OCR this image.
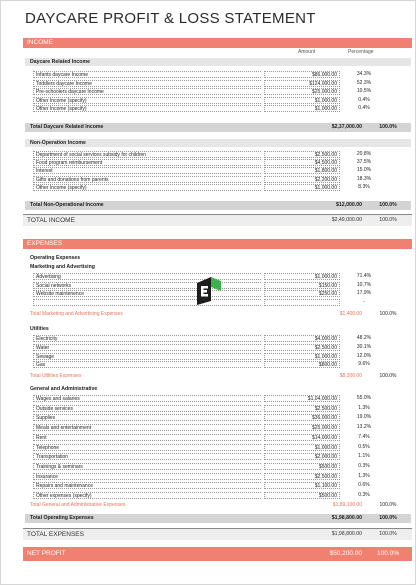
DAYCARE PROFIT & LOSS STATEMENT
INCOME
Amount	Percentage
Daycare Related Income
Infants daycare Income	$86,000.00	34.3%
Toddlers daycare Income	$124,000.00	52.3%
Pre-schoolers daycare Income	$25,000.00	10.5%
Other Income (specify)	$1,000.00	0.4%
Other Income (specify)	$1,000.00	0.4%
Total Daycare Related Income	$2,37,000.00	100.0%
Non-Operation Income
Department of social services subsidy for children	$2,500.00	20.8%
Food program reimbursement	$4,500.00	37.5%
Interest	$1,800.00	15.0%
Gifts and donations from parents	$2,200.00	18.3%
Other Income (specify)	$1,000.00	8.3%
Total Non-Operational Income	$12,000.00	100.0%
TOTAL INCOME	$2,49,000.00	100.0%
EXPENSES
Operating Expenses
Marketing and Advertising
Advertising	$1,000.00	71.4%
Social networks	$150.00	10.7%
Website maintenence	$250.00	17.9%
-
Total Marketing and Advertising Expenses	$1,400.00	100.0%
Utilities
Electricity	$4,000.00	48.2%
Water	$2,500.00	30.1%
Sewage	$1,000.00	12.0%
Gas	$800.00	9.6%
Total Utilities Expenses	$8,300.00	100.0%
General and Administrative
Wages and salaries	$1,04,000.00	55.0%
Outside services	$2,500.00	1.3%
Supplies	$36,000.00	19.0%
Meals and entertainment	$25,000.00	13.2%
Rent	$14,000.00	7.4%
Telephone	$1,000.00	0.5%
Transportation	$2,000.00	1.1%
Trainings & seminars	$500.00	0.3%
Insurance	$2,500.00	1.3%
Repairs and maintenance	$1,100.00	0.6%
Other expenses (specify)	$500.00	0.3%
Total General and Administrative Expenses	$1,89,100.00	100.0%
Total Operating Expenses	$1,98,800.00	100.0%
TOTAL EXPENSES	$1,98,800.00	100.0%
NET PROFIT	$50,200.00	100.0%
